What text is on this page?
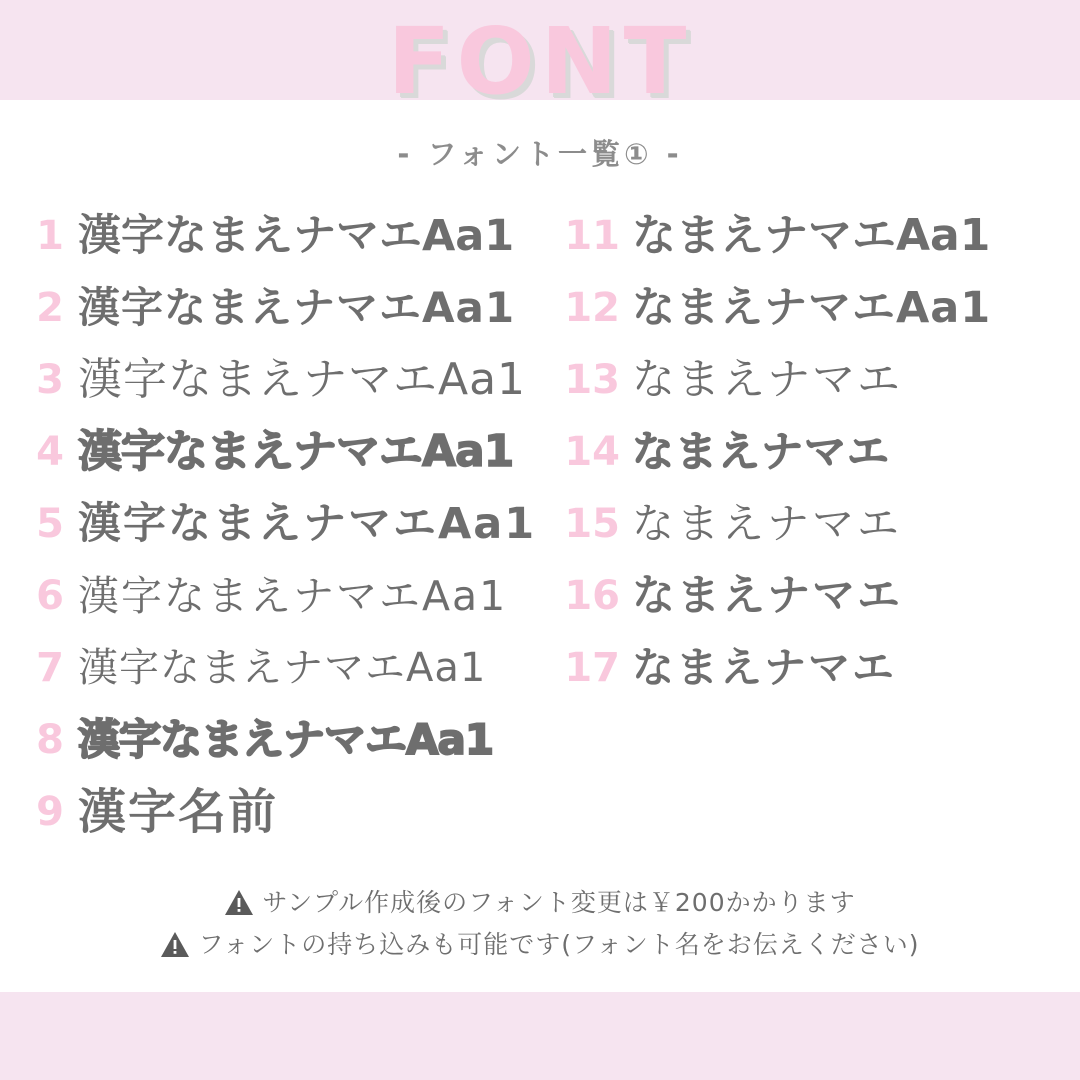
FONT
- フォント一覧① -
1 漢字なまえナマエAa1
2 漢字なまえナマエAa1
3 漢字なまえナマエAa1
4 漢字なまえナマエAa1
5 漢字なまえナマエAa1
6 漢字なまえナマエAa1
7 漢字なまえナマエAa1
8 漢字なまえナマエAa1
9 漢字名前
11 なまえナマエAa1
12 なまえナマエAa1
13 なまえナマエ
14 なまえナマエ
15 なまえナマエ
16 なまえナマエ
17 なまえナマエ
サンプル作成後のフォント変更は￥200かかります
フォントの持ち込みも可能です(フォント名をお伝えください)
